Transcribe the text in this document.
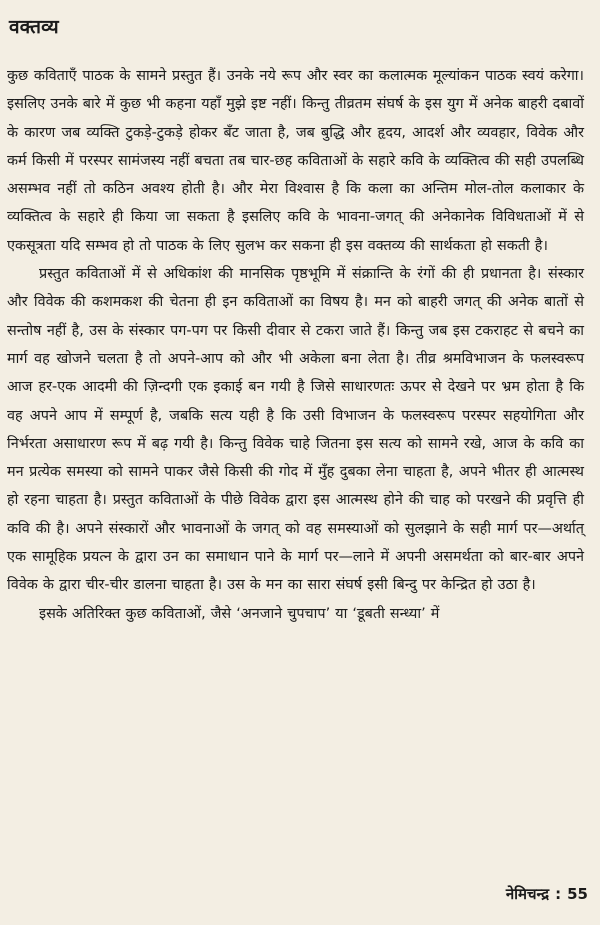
वक्तव्य

कुछ कविताएँ पाठक के सामने प्रस्तुत हैं। उनके नये रूप और स्वर का कलात्मक मूल्यांकन पाठक स्वयं करेगा। इसलिए उनके बारे में कुछ भी कहना यहाँ मुझे इष्ट नहीं। किन्तु तीव्रतम संघर्ष के इस युग में अनेक बाहरी दबावों के कारण जब व्यक्ति टुकड़े-टुकड़े होकर बँट जाता है, जब बुद्धि और हृदय, आदर्श और व्यवहार, विवेक और कर्म किसी में परस्पर सामंजस्य नहीं बचता तब चार-छह कविताओं के सहारे कवि के व्यक्तित्व की सही उपलब्धि असम्भव नहीं तो कठिन अवश्य होती है। और मेरा विश्वास है कि कला का अन्तिम मोल-तोल कलाकार के व्यक्तित्व के सहारे ही किया जा सकता है इसलिए कवि के भावना-जगत् की अनेकानेक विविधताओं में से एकसूत्रता यदि सम्भव हो तो पाठक के लिए सुलभ कर सकना ही इस वक्तव्य की सार्थकता हो सकती है।

प्रस्तुत कविताओं में से अधिकांश की मानसिक पृष्ठभूमि में संक्रान्ति के रंगों की ही प्रधानता है। संस्कार और विवेक की कशमकश की चेतना ही इन कविताओं का विषय है। मन को बाहरी जगत् की अनेक बातों से सन्तोष नहीं है, उस के संस्कार पग-पग पर किसी दीवार से टकरा जाते हैं। किन्तु जब इस टकराहट से बचने का मार्ग वह खोजने चलता है तो अपने-आप को और भी अकेला बना लेता है। तीव्र श्रमविभाजन के फलस्वरूप आज हर-एक आदमी की ज़िन्दगी एक इकाई बन गयी है जिसे साधारणतः ऊपर से देखने पर भ्रम होता है कि वह अपने आप में सम्पूर्ण है, जबकि सत्य यही है कि उसी विभाजन के फलस्वरूप परस्पर सहयोगिता और निर्भरता असाधारण रूप में बढ़ गयी है। किन्तु विवेक चाहे जितना इस सत्य को सामने रखे, आज के कवि का मन प्रत्येक समस्या को सामने पाकर जैसे किसी की गोद में मुँह दुबका लेना चाहता है, अपने भीतर ही आत्मस्थ हो रहना चाहता है। प्रस्तुत कविताओं के पीछे विवेक द्वारा इस आत्मस्थ होने की चाह को परखने की प्रवृत्ति ही कवि की है। अपने संस्कारों और भावनाओं के जगत् को वह समस्याओं को सुलझाने के सही मार्ग पर—अर्थात् एक सामूहिक प्रयत्न के द्वारा उन का समाधान पाने के मार्ग पर—लाने में अपनी असमर्थता को बार-बार अपने विवेक के द्वारा चीर-चीर डालना चाहता है। उस के मन का सारा संघर्ष इसी बिन्दु पर केन्द्रित हो उठा है।

इसके अतिरिक्त कुछ कविताओं, जैसे ‘अनजाने चुपचाप’ या ‘डूबती सन्ध्या’ में

नेमिचन्द्र : 55
